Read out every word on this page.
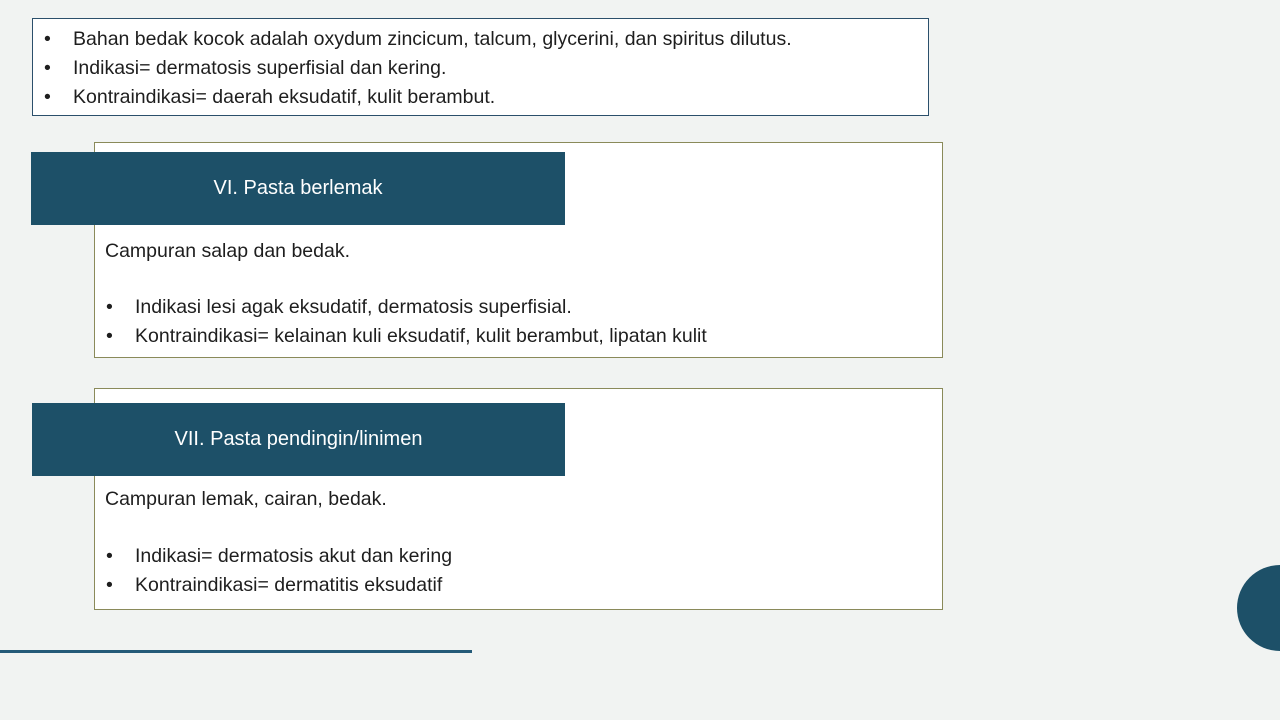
• Bahan bedak kocok adalah oxydum zincicum, talcum, glycerini, dan spiritus dilutus.
• Indikasi= dermatosis superfisial dan kering.
• Kontraindikasi= daerah eksudatif, kulit berambut.
Campuran salap dan bedak.
• Indikasi lesi agak eksudatif, dermatosis superfisial.
• Kontraindikasi= kelainan kuli eksudatif, kulit berambut, lipatan kulit
VI. Pasta berlemak
Campuran lemak, cairan, bedak.
• Indikasi= dermatosis akut dan kering
• Kontraindikasi= dermatitis eksudatif
VII. Pasta pendingin/linimen
